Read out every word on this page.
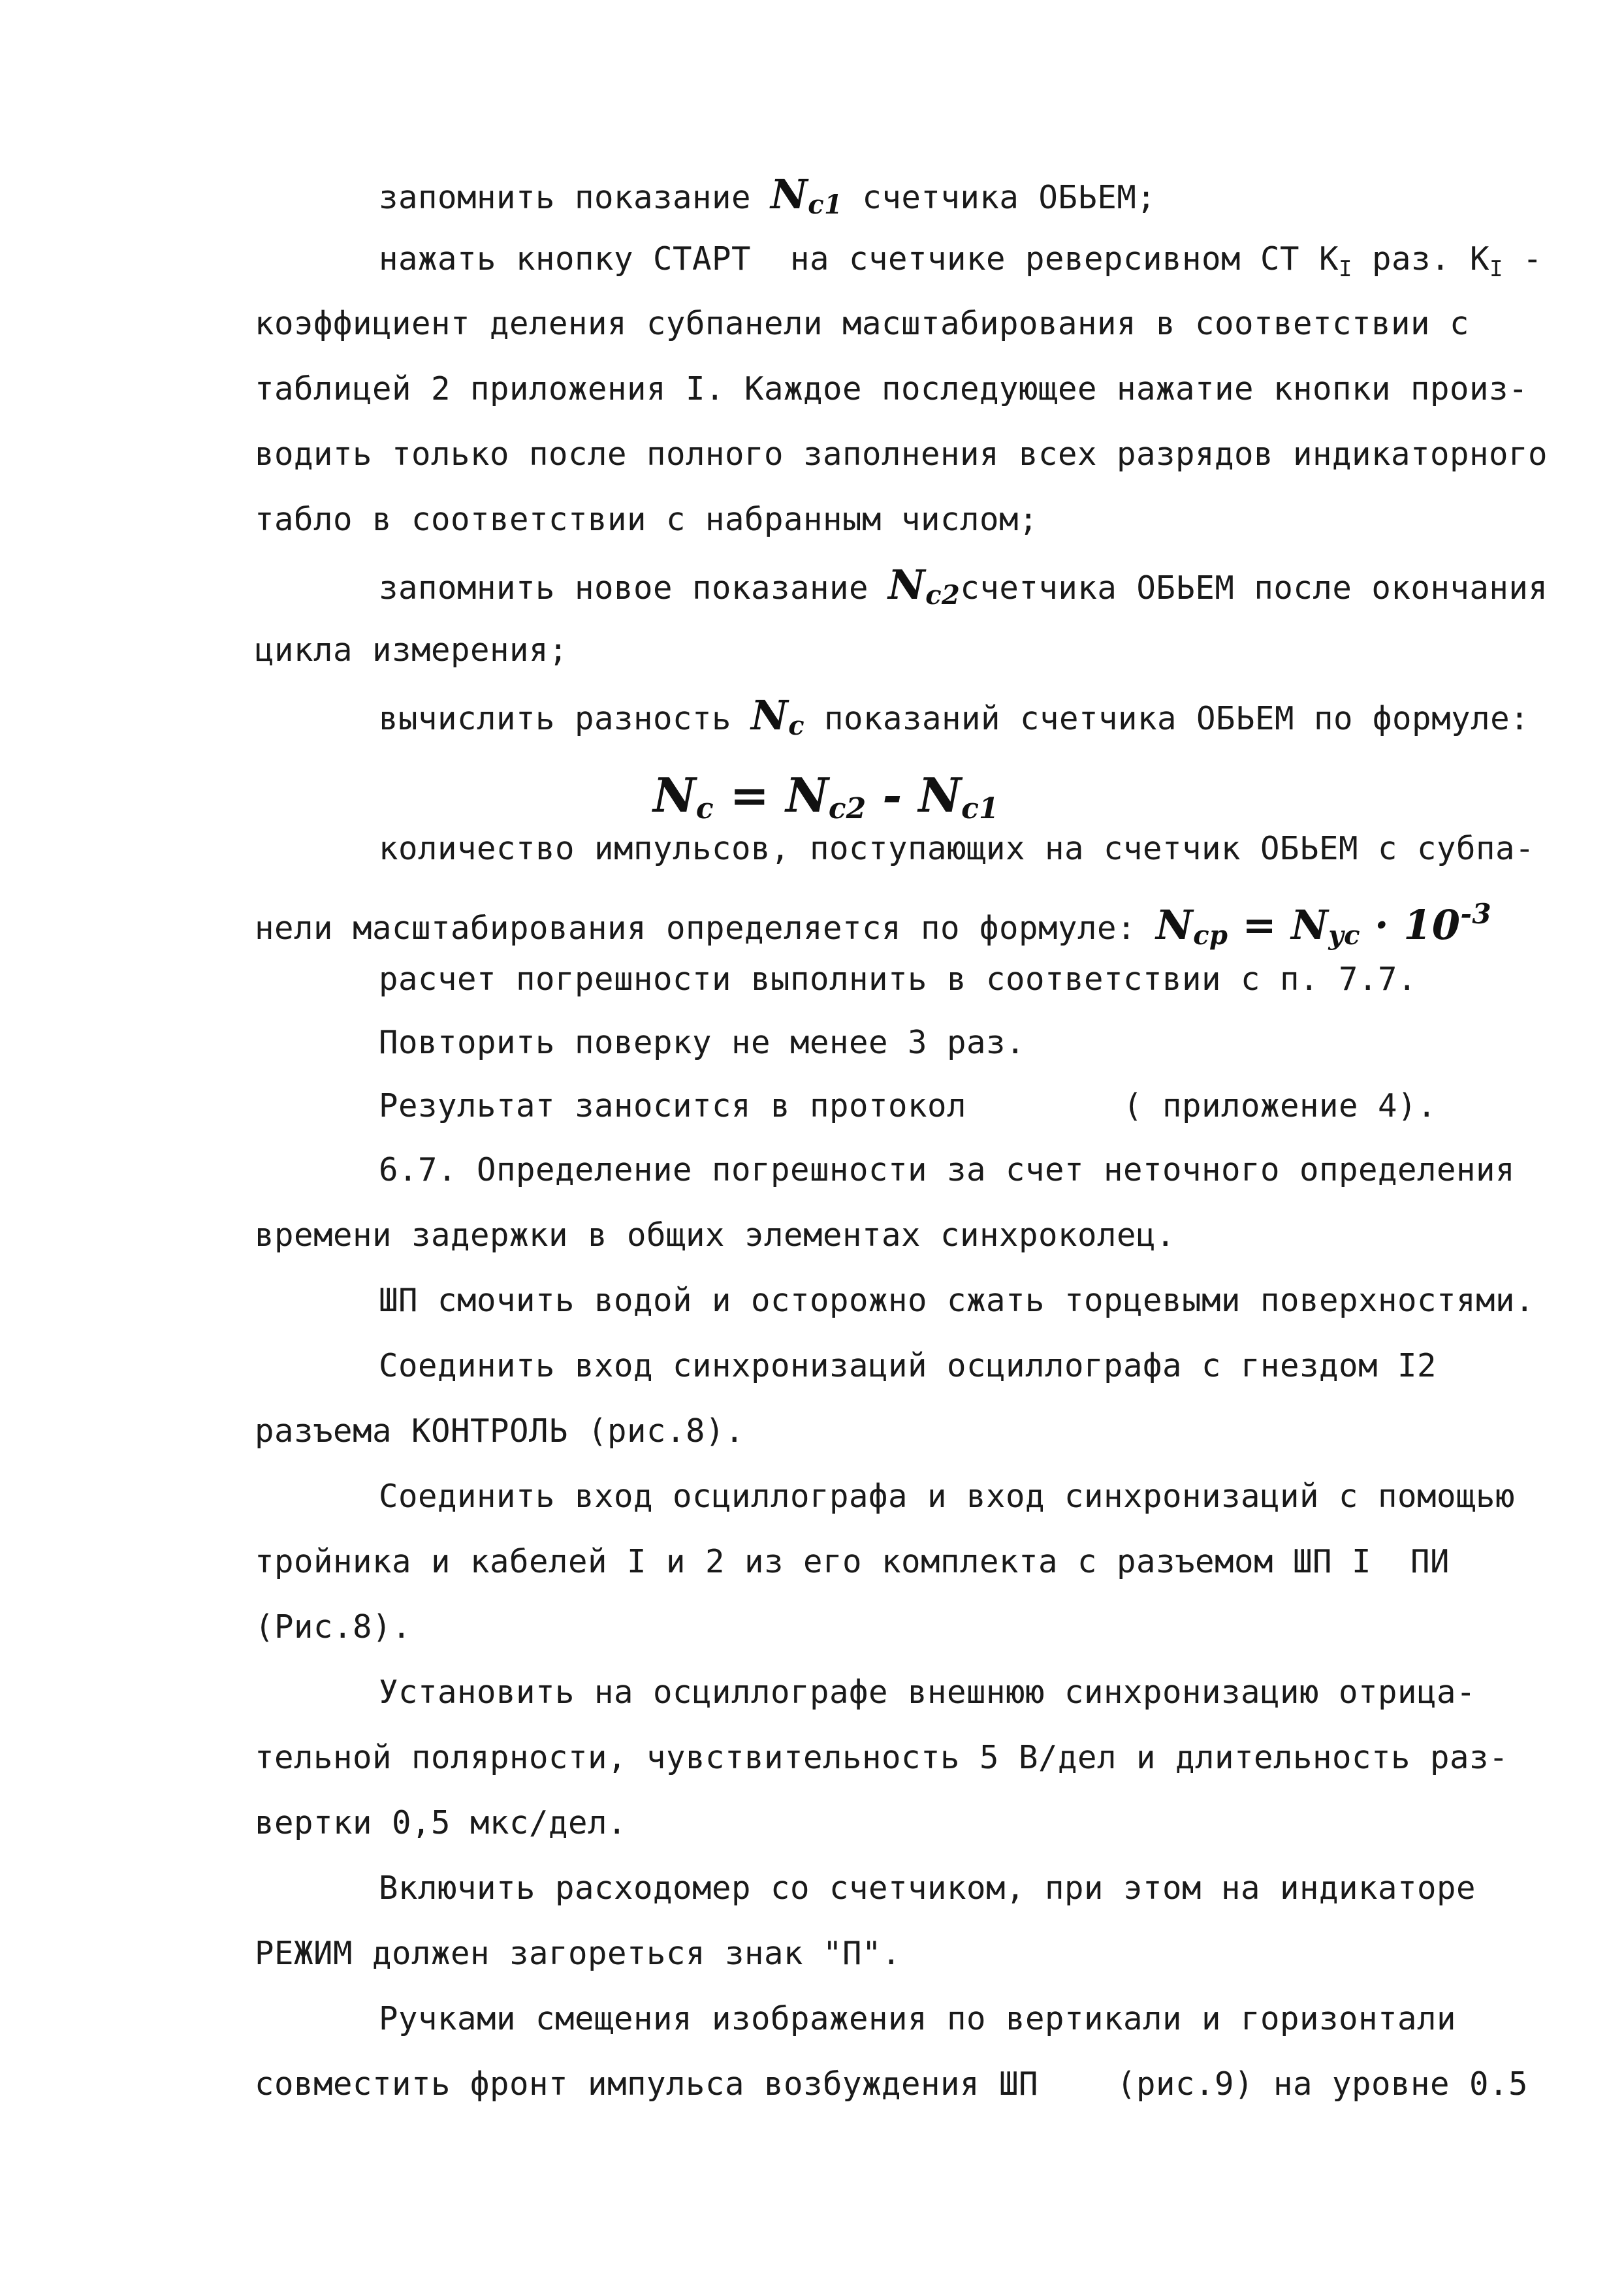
запомнить показание $N_{c1}$ счетчика ОБЬЕМ;
нажать кнопку СТАРТ  на счетчике реверсивном СТ $К_I$ раз. $К_I$ -
коэффициент деления субпанели масштабирования в соответствии с
таблицей 2 приложения I. Каждое последующее нажатие кнопки произ-
водить только после полного заполнения всех разрядов индикаторного
табло в соответствии с набранным числом;
запомнить новое показание $N_{c2}счетчика$ ОБЬЕМ после окончания
цикла измерения;
вычислить разность $N_c$ показаний счетчика ОБЬЕМ по формуле:
$N_c = N_{c2} - N_{c1}$
количество импульсов, поступающих на счетчик ОБЬЕМ с субпа-
нели масштабирования определяется по формуле: $N_{cp} = N_{yc} \cdot 10^{-3}$
расчет погрешности выполнить в соответствии с п. 7.7.
Повторить поверку не менее 3 раз.
Результат заносится в протокол        ( приложение 4).
6.7. Определение погрешности за счет неточного определения
времени задержки в общих элементах синхроколец.
ШП смочить водой и осторожно сжать торцевыми поверхностями.
Соединить вход синхронизаций осциллографа с гнездом I2
разъема КОНТРОЛЬ (рис.8).
Соединить вход осциллографа и вход синхронизаций с помощью
тройника и кабелей I и 2 из его комплекта с разъемом ШП I  ПИ
(Рис.8).
Установить на осциллографе внешнюю синхронизацию отрица-
тельной полярности, чувствительность 5 В/дел и длительность раз-
вертки 0,5 мкс/дел.
Включить расходомер со счетчиком, при этом на индикаторе
РЕЖИМ должен загореться знак "П".
Ручками смещения изображения по вертикали и горизонтали
совместить фронт импульса возбуждения ШП    (рис.9) на уровне 0.5
